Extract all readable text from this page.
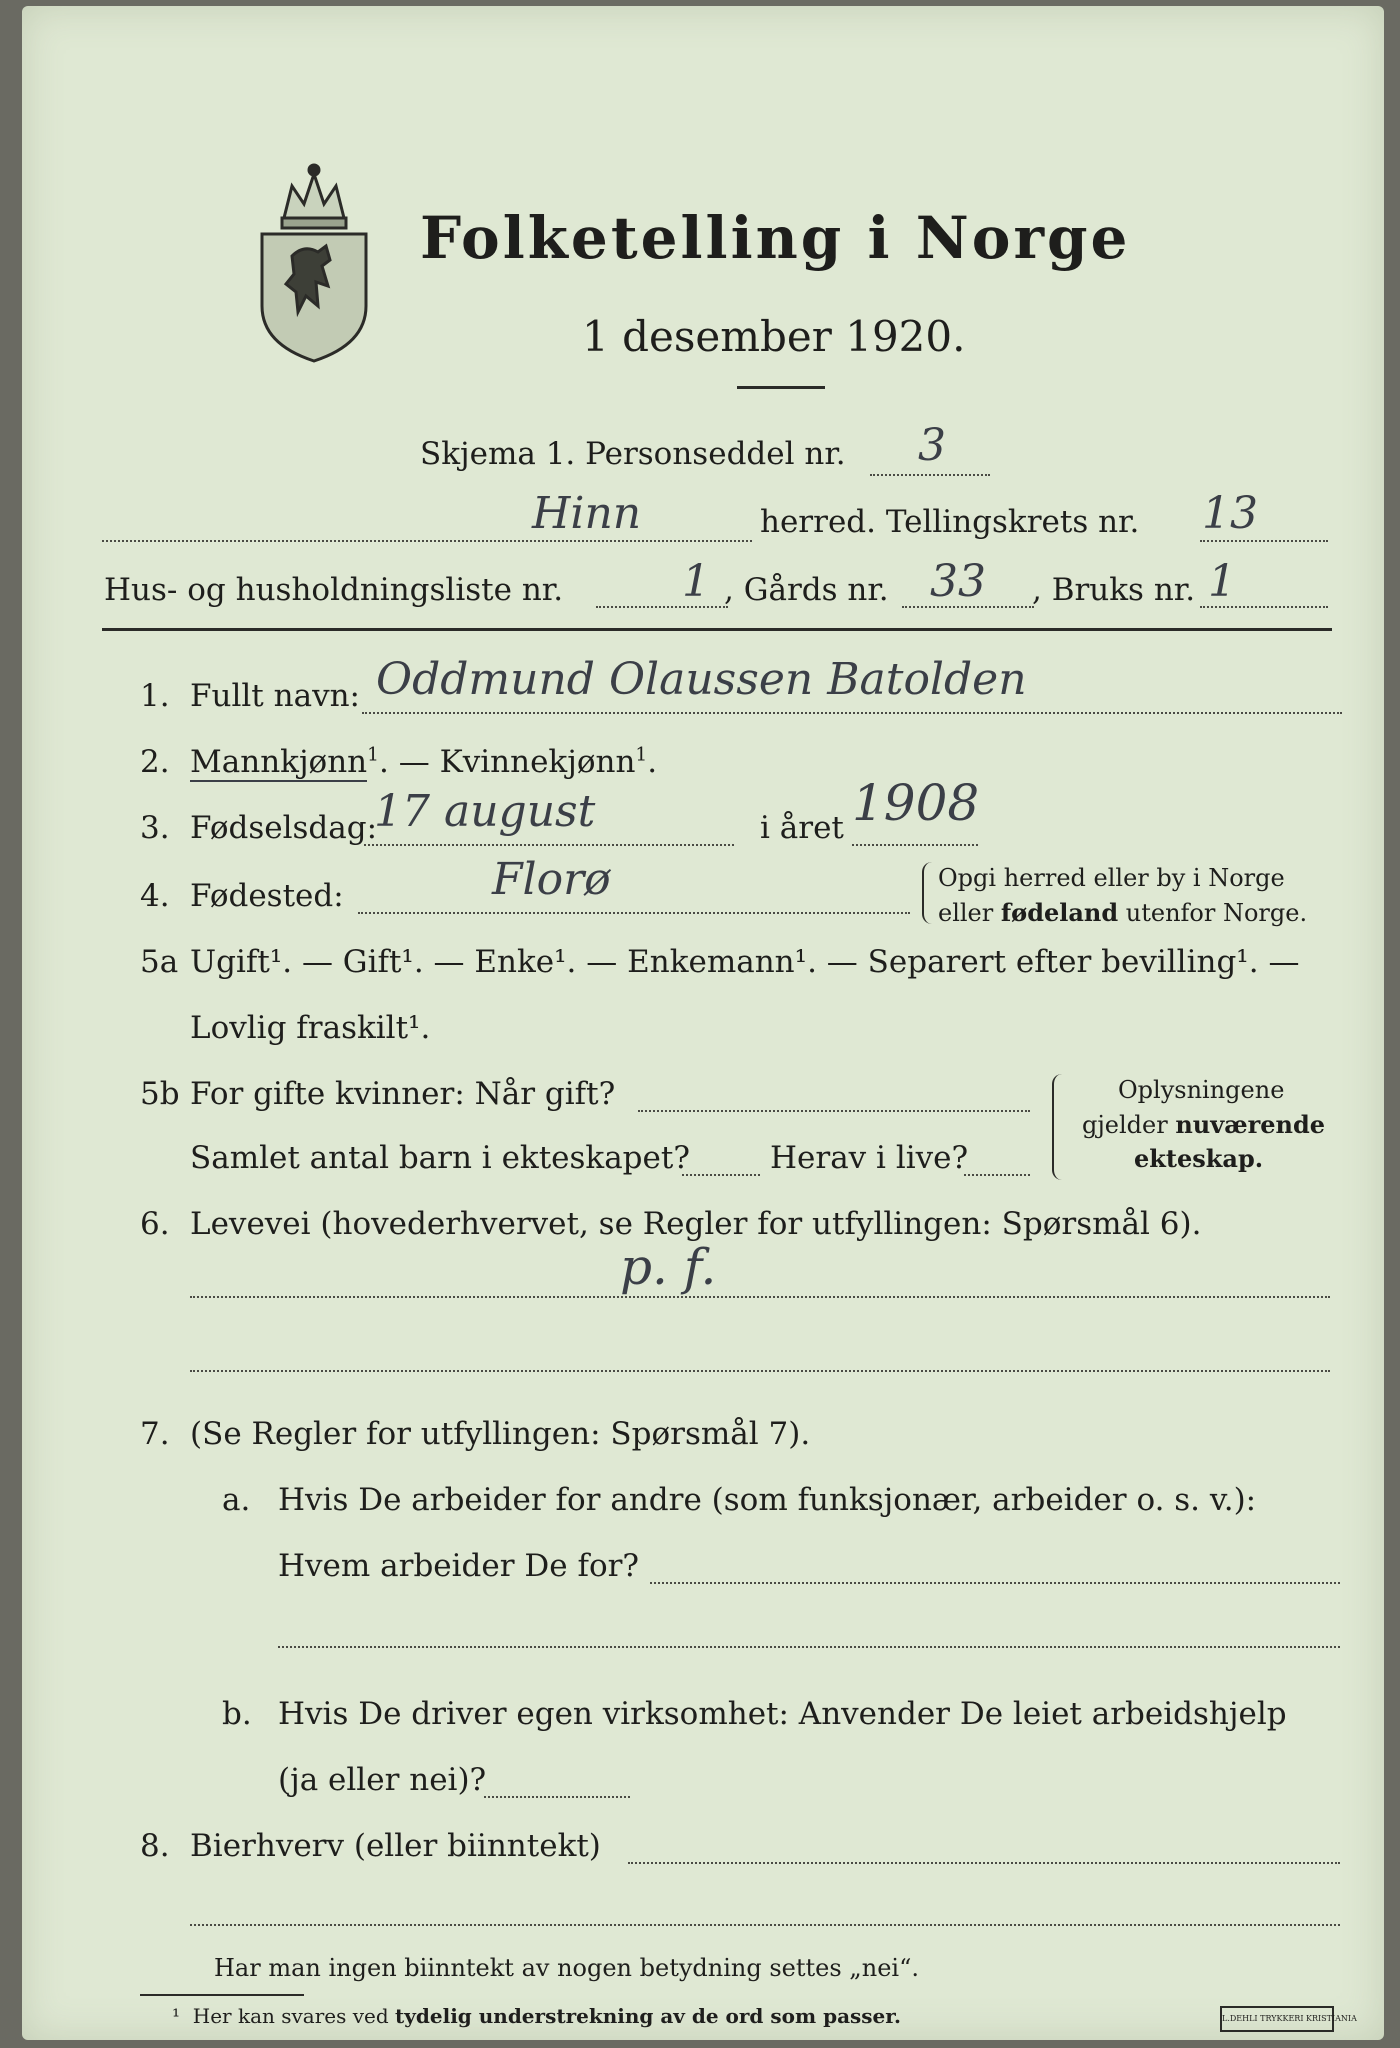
Folketelling i Norge
1 desember 1920.
Skjema 1. Personseddel nr. 3
Hinn	herred. Tellingskrets nr. 13
Hus- og husholdningsliste nr.	1 , Gårds nr. 33 , Bruks nr. 1
1. Fullt navn: Oddmund Olaussen Batolden
2. Mannkjønn$^1$. — Kvinnekjønn$^1$.
3. Fødselsdag:
17 august	i året 1908
4. Fødested:	Florø	Opgi herred eller by i Norge
eller fødeland utenfor Norge.
5a Ugift¹. — Gift¹. — Enke¹. — Enkemann¹. — Separert efter bevilling¹. —
Lovlig fraskilt¹.
5b For gifte kvinner: Når gift?
Samlet antal barn i ekteskapet?	Herav i live?
Oplysningene
gjelder nuværende
ekteskap.
6. Levevei (hovederhvervet, se Regler for utfyllingen: Spørsmål 6).
p. f.
7. (Se Regler for utfyllingen: Spørsmål 7).
a. Hvis De arbeider for andre (som funksjonær, arbeider o. s. v.):
Hvem arbeider De for?
b. Hvis De driver egen virksomhet: Anvender De leiet arbeidshjelp
(ja eller nei)?
8. Bierhverv (eller biinntekt)
Har man ingen biinntekt av nogen betydning settes „nei“.
¹ Her kan svares ved tydelig understrekning av de ord som passer.	L.DEHLI TRYKKERI KRISTIANIA
